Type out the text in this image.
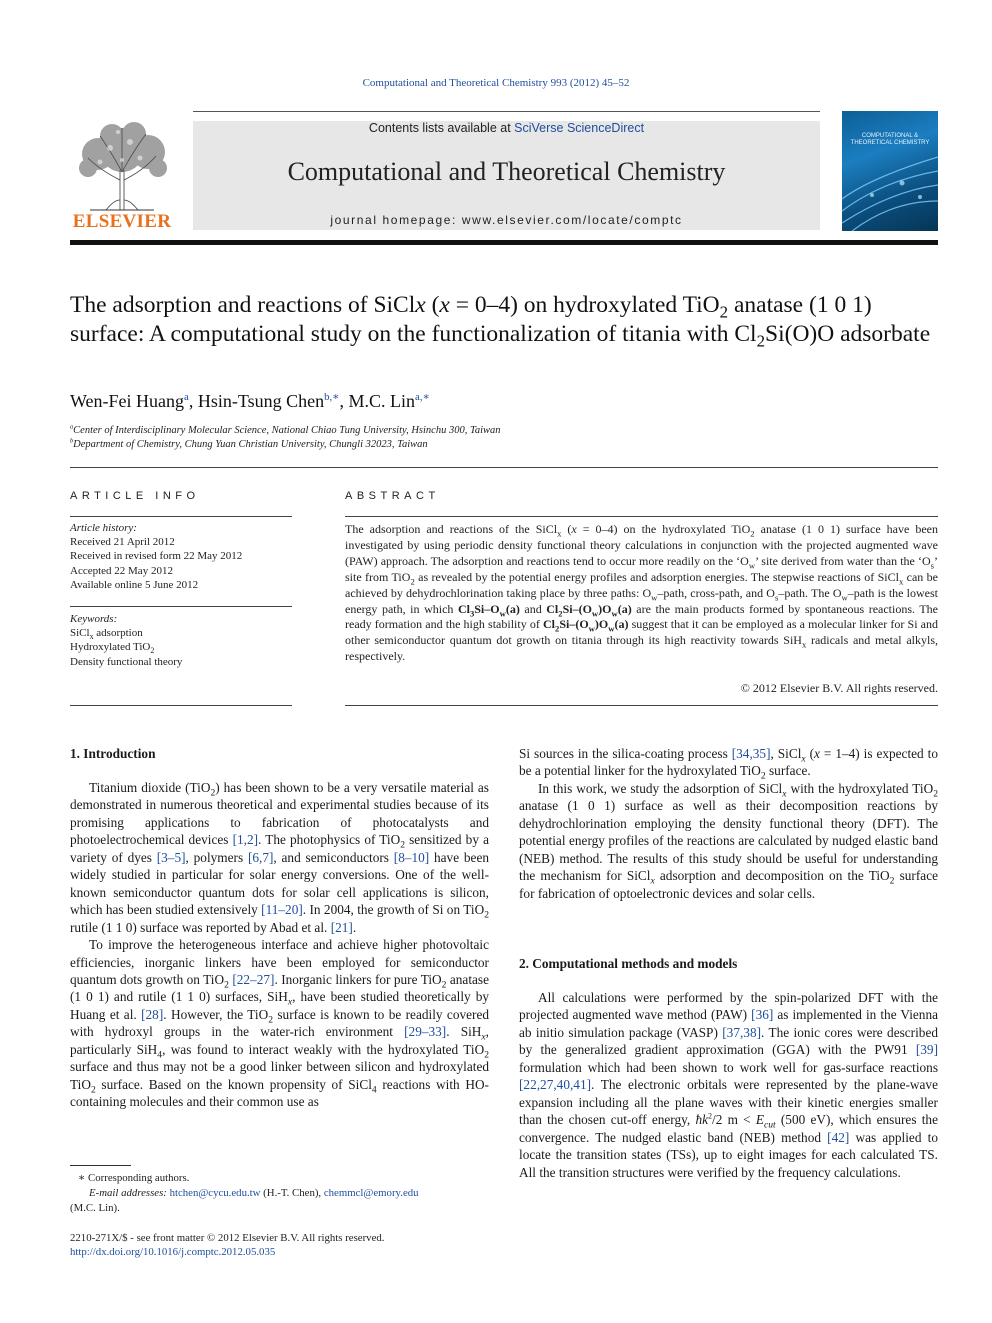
Computational and Theoretical Chemistry 993 (2012) 45–52
ELSEVIER
Contents lists available at SciVerse ScienceDirect
Computational and Theoretical Chemistry
journal homepage: www.elsevier.com/locate/comptc
COMPUTATIONAL & THEORETICAL CHEMISTRY
The adsorption and reactions of SiClx (x = 0–4) on hydroxylated TiO$_2$ anatase (1 0 1) surface: A computational study on the functionalization of titania with $Cl_2Si(O)O$ adsorbate
Wen-Fei Huang$^a$, Hsin-Tsung Chen$^{b,∗}$, M.C. Lin$^{a,∗}$
$^a$Center of Interdisciplinary Molecular Science, National Chiao Tung University, Hsinchu 300, Taiwan
$^b$Department of Chemistry, Chung Yuan Christian University, Chungli 32023, Taiwan
ARTICLE INFO
Article history:
Received 21 April 2012
Received in revised form 22 May 2012
Accepted 22 May 2012
Available online 5 June 2012
Keywords:
SiCl$_x$ adsorption
Hydroxylated TiO$_2$
Density functional theory
ABSTRACT
The adsorption and reactions of the SiCl$_x$ (x = 0–4) on the hydroxylated TiO$_2$ anatase (1 0 1) surface have been investigated by using periodic density functional theory calculations in conjunction with the projected augmented wave (PAW) approach. The adsorption and reactions tend to occur more readily on the ‘$O_w$’ site derived from water than the ‘$O_s$’ site from TiO$_2$ as revealed by the potential energy profiles and adsorption energies. The stepwise reactions of SiCl$_x$ can be achieved by dehydrochlorination taking place by three paths: $O_w$–path, cross-path, and $O_s$–path. The $O_w$–path is the lowest energy path, in which $Cl_3Si-O_w(a)$ and $Cl_2Si-(O_w)O_w(a)$ are the main products formed by spontaneous reactions. The ready formation and the high stability of $Cl_2Si-(O_w)O_w(a)$ suggest that it can be employed as a molecular linker for Si and other semiconductor quantum dot growth on titania through its high reactivity towards SiH$_x$ radicals and metal alkyls, respectively.
© 2012 Elsevier B.V. All rights reserved.
1. Introduction

Titanium dioxide (TiO$_2$) has been shown to be a very versatile material as demonstrated in numerous theoretical and experimental studies because of its promising applications to fabrication of photocatalysts and photoelectrochemical devices [1,2]. The photophysics of TiO$_2$ sensitized by a variety of dyes [3–5], polymers [6,7], and semiconductors [8–10] have been widely studied in particular for solar energy conversions. One of the well-known semiconductor quantum dots for solar cell applications is silicon, which has been studied extensively [11–20]. In 2004, the growth of Si on TiO$_2$ rutile (1 1 0) surface was reported by Abad et al. [21].

To improve the heterogeneous interface and achieve higher photovoltaic efficiencies, inorganic linkers have been employed for semiconductor quantum dots growth on TiO$_2$ [22–27]. Inorganic linkers for pure TiO$_2$ anatase (1 0 1) and rutile (1 1 0) surfaces, SiH$_x$, have been studied theoretically by Huang et al. [28]. However, the TiO$_2$ surface is known to be readily covered with hydroxyl groups in the water-rich environment [29–33]. SiH$_x$, particularly SiH$_4$, was found to interact weakly with the hydroxylated TiO$_2$ surface and thus may not be a good linker between silicon and hydroxylated TiO$_2$ surface. Based on the known propensity of SiCl$_4$ reactions with HO-containing molecules and their common use as

Si sources in the silica-coating process [34,35], SiCl$_x$ (x = 1–4) is expected to be a potential linker for the hydroxylated TiO$_2$ surface.

In this work, we study the adsorption of SiCl$_x$ with the hydroxylated TiO$_2$ anatase (1 0 1) surface as well as their decomposition reactions by dehydrochlorination employing the density functional theory (DFT). The potential energy profiles of the reactions are calculated by nudged elastic band (NEB) method. The results of this study should be useful for understanding the mechanism for SiCl$_x$ adsorption and decomposition on the TiO$_2$ surface for fabrication of optoelectronic devices and solar cells.

2. Computational methods and models

All calculations were performed by the spin-polarized DFT with the projected augmented wave method (PAW) [36] as implemented in the Vienna ab initio simulation package (VASP) [37,38]. The ionic cores were described by the generalized gradient approximation (GGA) with the PW91 [39] formulation which had been shown to work well for gas-surface reactions [22,27,40,41]. The electronic orbitals were represented by the plane-wave expansion including all the plane waves with their kinetic energies smaller than the chosen cut-off energy, $ħk^2/2$ $m < E_{cut}$ (500 eV), which ensures the convergence. The nudged elastic band (NEB) method [42] was applied to locate the transition states (TSs), up to eight images for each calculated TS. All the transition structures were verified by the frequency calculations.

∗ Corresponding authors.
E-mail addresses: htchen@cycu.edu.tw (H.-T. Chen), chemmcl@emory.edu
(M.C. Lin).
2210-271X/$ - see front matter © 2012 Elsevier B.V. All rights reserved.
http://dx.doi.org/10.1016/j.comptc.2012.05.035
